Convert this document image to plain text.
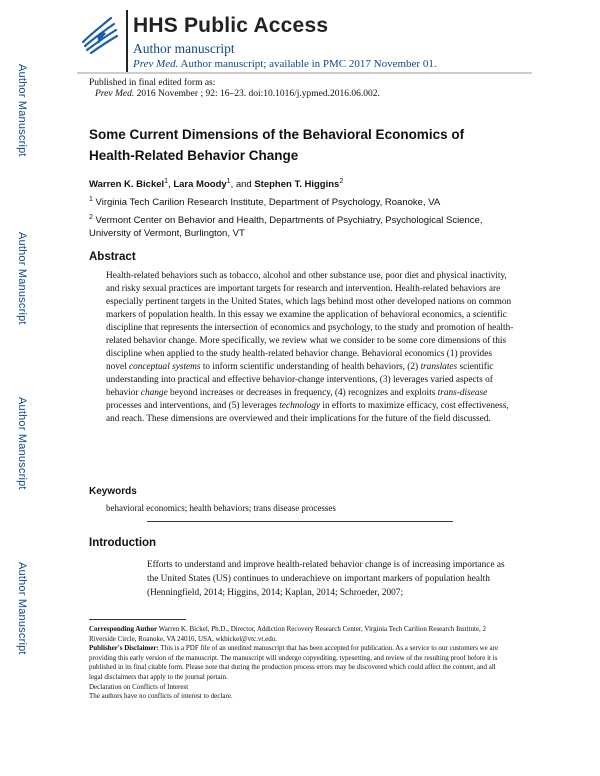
Author Manuscript
Author Manuscript
Author Manuscript
Author Manuscript
HHS Public Access
Author manuscript
Prev Med. Author manuscript; available in PMC 2017 November 01.
Published in final edited form as:
Prev Med. 2016 November ; 92: 16–23. doi:10.1016/j.ypmed.2016.06.002.
Some Current Dimensions of the Behavioral Economics of Health-Related Behavior Change
Warren K. Bickel$^1$, Lara Moody$^1$, and Stephen T. Higgins$^2$
$^1$ Virginia Tech Carilion Research Institute, Department of Psychology, Roanoke, VA
$^2$ Vermont Center on Behavior and Health, Departments of Psychiatry, Psychological Science, University of Vermont, Burlington, VT
Abstract
Health-related behaviors such as tobacco, alcohol and other substance use, poor diet and physical inactivity, and risky sexual practices are important targets for research and intervention. Health-related behaviors are especially pertinent targets in the United States, which lags behind most other developed nations on common markers of population health. In this essay we examine the application of behavioral economics, a scientific discipline that represents the intersection of economics and psychology, to the study and promotion of health-related behavior change. More specifically, we review what we consider to be some core dimensions of this discipline when applied to the study health-related behavior change. Behavioral economics (1) provides novel conceptual systems to inform scientific understanding of health behaviors, (2) translates scientific understanding into practical and effective behavior-change interventions, (3) leverages varied aspects of behavior change beyond increases or decreases in frequency, (4) recognizes and exploits trans-disease processes and interventions, and (5) leverages technology in efforts to maximize efficacy, cost effectiveness, and reach. These dimensions are overviewed and their implications for the future of the field discussed.
Keywords
behavioral economics; health behaviors; trans disease processes
Introduction
Efforts to understand and improve health-related behavior change is of increasing importance as the United States (US) continues to underachieve on important markers of population health (Henningfield, 2014; Higgins, 2014; Kaplan, 2014; Schroeder, 2007;

Corresponding Author Warren K. Bickel, Ph.D., Director, Addiction Recovery Research Center, Virginia Tech Carilion Research Institute, 2 Riverside Circle, Roanoke, VA 24016, USA, wkbickel@vtc.vt.edu.

Publisher's Disclaimer: This is a PDF file of an unedited manuscript that has been accepted for publication. As a service to our customers we are providing this early version of the manuscript. The manuscript will undergo copyediting, typesetting, and review of the resulting proof before it is published in its final citable form. Please note that during the production process errors may be discovered which could affect the content, and all legal disclaimers that apply to the journal pertain.

Declaration on Conflicts of Interest

The authors have no conflicts of interest to declare.
